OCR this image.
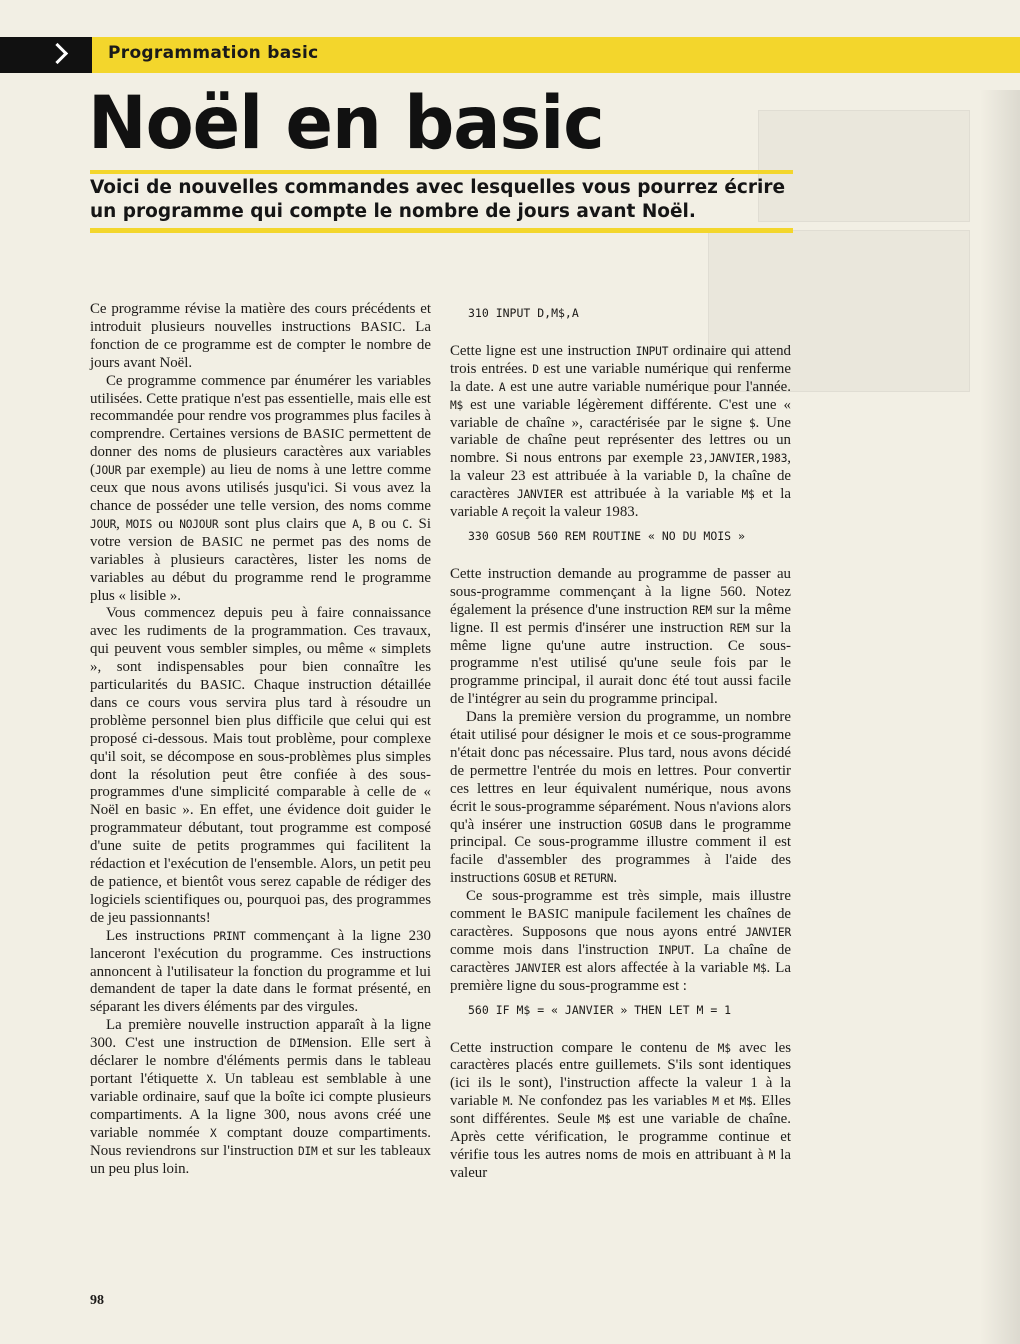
Programmation basic
Noël en basic
Voici de nouvelles commandes avec lesquelles vous pourrez écrire un programme qui compte le nombre de jours avant Noël.

Ce programme révise la matière des cours précédents et introduit plusieurs nouvelles instructions BASIC. La fonction de ce programme est de compter le nombre de jours avant Noël.

Ce programme commence par énumérer les variables utilisées. Cette pratique n'est pas essentielle, mais elle est recommandée pour rendre vos programmes plus faciles à comprendre. Certaines versions de BASIC permettent de donner des noms de plusieurs caractères aux variables (JOUR par exemple) au lieu de noms à une lettre comme ceux que nous avons utilisés jusqu'ici. Si vous avez la chance de posséder une telle version, des noms comme JOUR, MOIS ou NOJOUR sont plus clairs que A, B ou C. Si votre version de BASIC ne permet pas des noms de variables à plusieurs caractères, lister les noms de variables au début du programme rend le programme plus « lisible ».

Vous commencez depuis peu à faire connaissance avec les rudiments de la programmation. Ces travaux, qui peuvent vous sembler simples, ou même « simplets », sont indispensables pour bien connaître les particularités du BASIC. Chaque instruction détaillée dans ce cours vous servira plus tard à résoudre un problème personnel bien plus difficile que celui qui est proposé ci-dessous. Mais tout problème, pour complexe qu'il soit, se décompose en sous-problèmes plus simples dont la résolution peut être confiée à des sous-programmes d'une simplicité comparable à celle de « Noël en basic ». En effet, une évidence doit guider le programmateur débutant, tout programme est composé d'une suite de petits programmes qui facilitent la rédaction et l'exécution de l'ensemble. Alors, un petit peu de patience, et bientôt vous serez capable de rédiger des logiciels scientifiques ou, pourquoi pas, des programmes de jeu passionnants!

Les instructions PRINT commençant à la ligne 230 lanceront l'exécution du programme. Ces instructions annoncent à l'utilisateur la fonction du programme et lui demandent de taper la date dans le format présenté, en séparant les divers éléments par des virgules.

La première nouvelle instruction apparaît à la ligne 300. C'est une instruction de DIMension. Elle sert à déclarer le nombre d'éléments permis dans le tableau portant l'étiquette X. Un tableau est semblable à une variable ordinaire, sauf que la boîte ici compte plusieurs compartiments. A la ligne 300, nous avons créé une variable nommée X comptant douze compartiments. Nous reviendrons sur l'instruction DIM et sur les tableaux un peu plus loin.

310 INPUT D,M$,A

Cette ligne est une instruction INPUT ordinaire qui attend trois entrées. D est une variable numérique qui renferme la date. A est une autre variable numérique pour l'année. M$ est une variable légèrement différente. C'est une « variable de chaîne », caractérisée par le signe $. Une variable de chaîne peut représenter des lettres ou un nombre. Si nous entrons par exemple 23,JANVIER,1983, la valeur 23 est attribuée à la variable D, la chaîne de caractères JANVIER est attribuée à la variable M$ et la variable A reçoit la valeur 1983.

330 GOSUB 560 REM ROUTINE « NO DU MOIS »

Cette instruction demande au programme de passer au sous-programme commençant à la ligne 560. Notez également la présence d'une instruction REM sur la même ligne. Il est permis d'insérer une instruction REM sur la même ligne qu'une autre instruction. Ce sous-programme n'est utilisé qu'une seule fois par le programme principal, il aurait donc été tout aussi facile de l'intégrer au sein du programme principal.

Dans la première version du programme, un nombre était utilisé pour désigner le mois et ce sous-programme n'était donc pas nécessaire. Plus tard, nous avons décidé de permettre l'entrée du mois en lettres. Pour convertir ces lettres en leur équivalent numérique, nous avons écrit le sous-programme séparément. Nous n'avions alors qu'à insérer une instruction GOSUB dans le programme principal. Ce sous-programme illustre comment il est facile d'assembler des programmes à l'aide des instructions GOSUB et RETURN.

Ce sous-programme est très simple, mais illustre comment le BASIC manipule facilement les chaînes de caractères. Supposons que nous ayons entré JANVIER comme mois dans l'instruction INPUT. La chaîne de caractères JANVIER est alors affectée à la variable M$. La première ligne du sous-programme est :

560 IF M$ = « JANVIER » THEN LET M = 1

Cette instruction compare le contenu de M$ avec les caractères placés entre guillemets. S'ils sont identiques (ici ils le sont), l'instruction affecte la valeur 1 à la variable M. Ne confondez pas les variables M et M$. Elles sont différentes. Seule M$ est une variable de chaîne. Après cette vérification, le programme continue et vérifie tous les autres noms de mois en attribuant à M la valeur

98
